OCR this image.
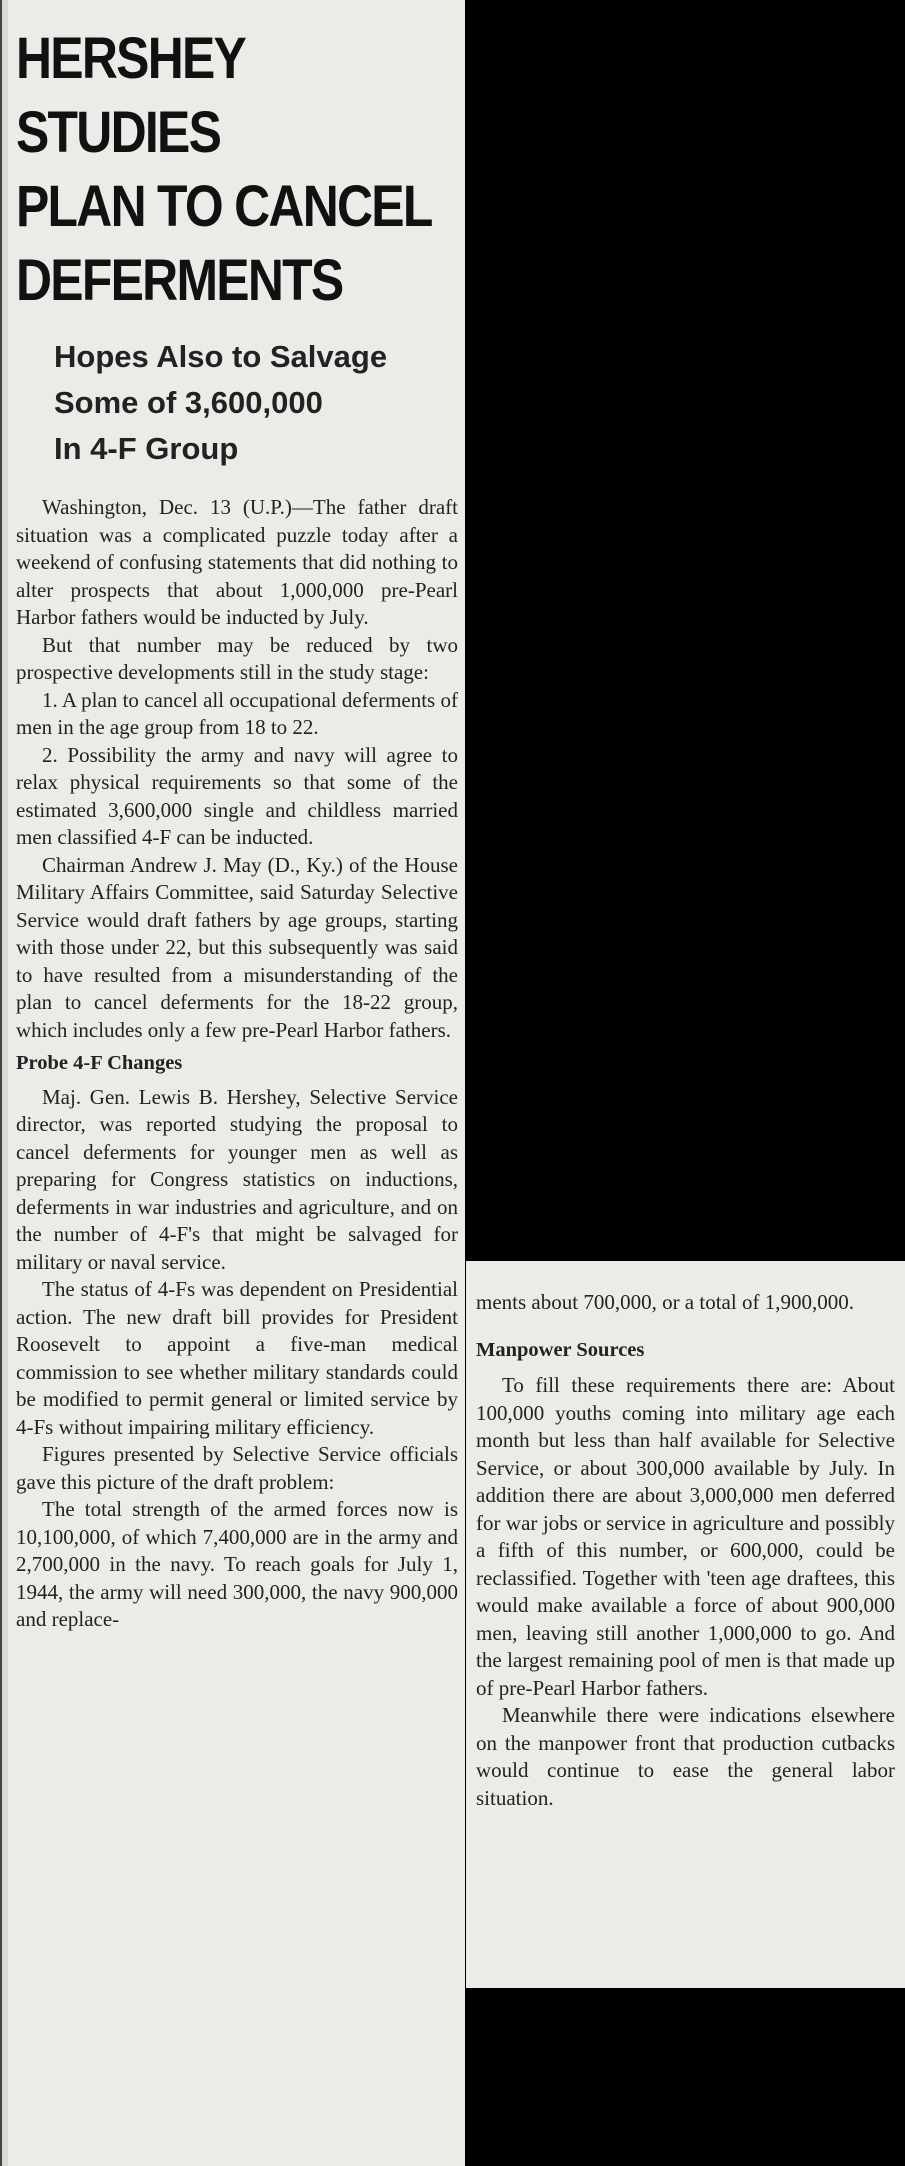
HERSHEY STUDIES
PLAN TO CANCEL
DEFERMENTS
Hopes Also to Salvage
Some of 3,600,000
In 4-F Group

Washington, Dec. 13 (U.P.)—The father draft situation was a complicated puzzle today after a weekend of confusing statements that did nothing to alter prospects that about 1,000,000 pre-Pearl Harbor fathers would be inducted by July.

But that number may be reduced by two prospective developments still in the study stage:

1. A plan to cancel all occupational deferments of men in the age group from 18 to 22.

2. Possibility the army and navy will agree to relax physical requirements so that some of the estimated 3,600,000 single and childless married men classified 4-F can be inducted.

Chairman Andrew J. May (D., Ky.) of the House Military Affairs Committee, said Saturday Selective Service would draft fathers by age groups, starting with those under 22, but this subsequently was said to have resulted from a misunderstanding of the plan to cancel deferments for the 18-22 group, which includes only a few pre-Pearl Harbor fathers.

Probe 4-F Changes

Maj. Gen. Lewis B. Hershey, Selective Service director, was reported studying the proposal to cancel deferments for younger men as well as preparing for Congress statistics on inductions, deferments in war industries and agriculture, and on the number of 4-F's that might be salvaged for military or naval service.

The status of 4-Fs was dependent on Presidential action. The new draft bill provides for President Roosevelt to appoint a five-man medical commission to see whether military standards could be modified to permit general or limited service by 4-Fs without impairing military efficiency.

Figures presented by Selective Service officials gave this picture of the draft problem:

The total strength of the armed forces now is 10,100,000, of which 7,400,000 are in the army and 2,700,000 in the navy. To reach goals for July 1, 1944, the army will need 300,000, the navy 900,000 and replace-

ments about 700,000, or a total of 1,900,000.

Manpower Sources

To fill these requirements there are: About 100,000 youths coming into military age each month but less than half available for Selective Service, or about 300,000 available by July. In addition there are about 3,000,000 men deferred for war jobs or service in agriculture and possibly a fifth of this number, or 600,000, could be reclassified. Together with 'teen age draftees, this would make available a force of about 900,000 men, leaving still another 1,000,000 to go. And the largest remaining pool of men is that made up of pre-Pearl Harbor fathers.

Meanwhile there were indications elsewhere on the manpower front that production cutbacks would continue to ease the general labor situation.
